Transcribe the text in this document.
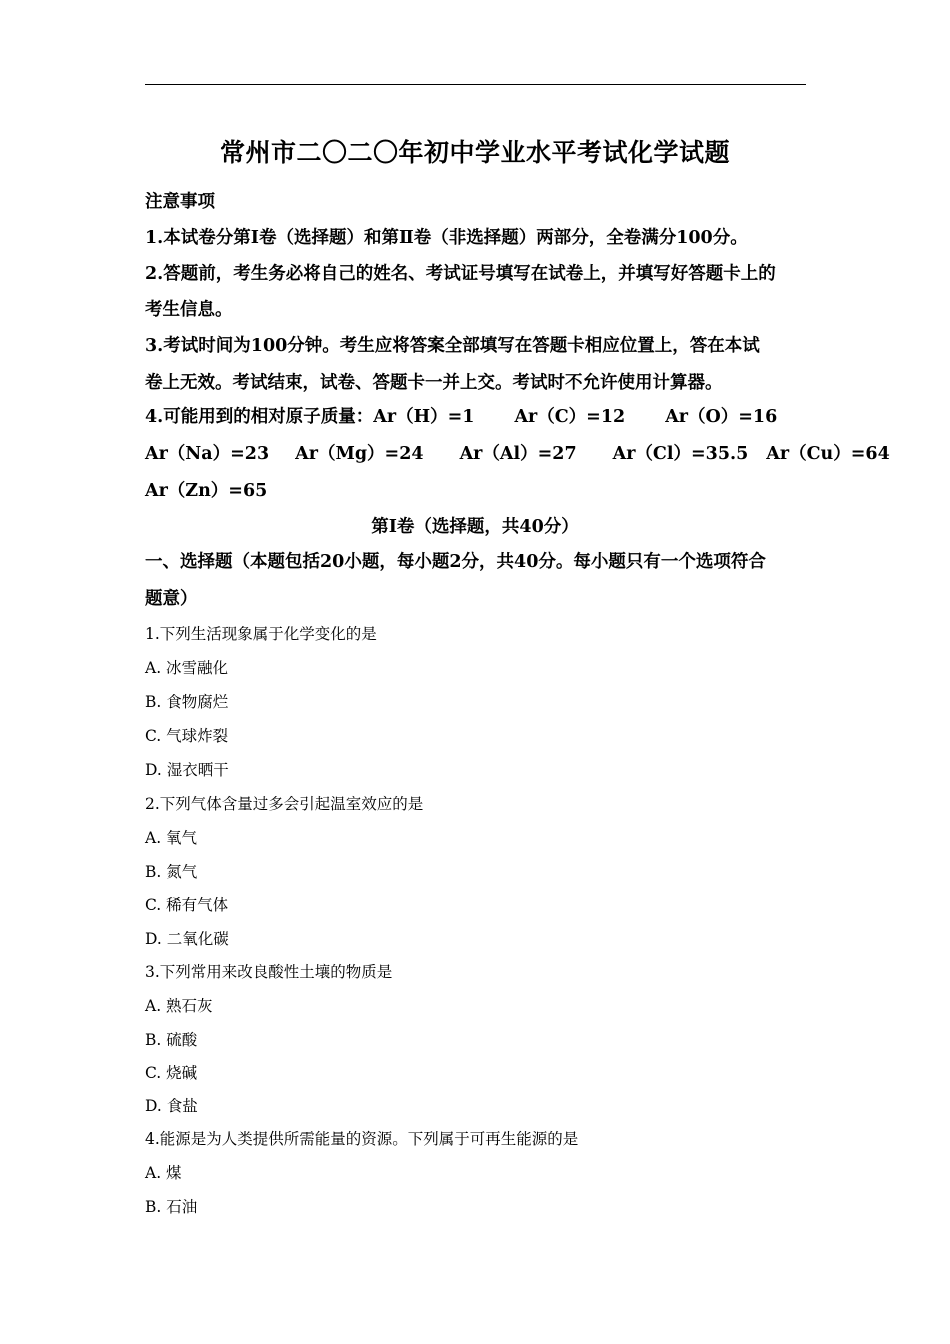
常州市二〇二〇年初中学业水平考试化学试题
注意事项
1.本试卷分第Ⅰ卷（选择题）和第Ⅱ卷（非选择题）两部分，全卷满分100分。
2.答题前，考生务必将自己的姓名、考试证号填写在试卷上，并填写好答题卡上的
考生信息。
3.考试时间为100分钟。考生应将答案全部填写在答题卡相应位置上，答在本试
卷上无效。考试结束，试卷、答题卡一并上交。考试时不允许使用计算器。
4.可能用到的相对原子质量：Ar（H）=1 Ar（C）=12 Ar（O）=16
Ar（Na）=23 Ar（Mg）=24 Ar（Al）=27 Ar（Cl）=35.5 Ar（Cu）=64
Ar（Zn）=65
第Ⅰ卷（选择题，共40分）
一、选择题（本题包括20小题，每小题2分，共40分。每小题只有一个选项符合
题意）
1.下列生活现象属于化学变化的是
A. 冰雪融化
B. 食物腐烂
C. 气球炸裂
D. 湿衣晒干
2.下列气体含量过多会引起温室效应的是
A. 氧气
B. 氮气
C. 稀有气体
D. 二氧化碳
3.下列常用来改良酸性土壤的物质是
A. 熟石灰
B. 硫酸
C. 烧碱
D. 食盐
4.能源是为人类提供所需能量的资源。下列属于可再生能源的是
A. 煤
B. 石油
